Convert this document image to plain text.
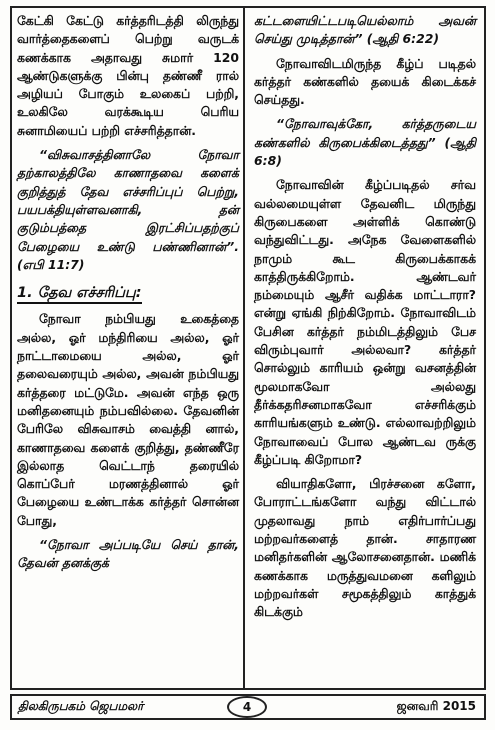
கேட்கி கேட்டு கர்த்தரிடத்தி லிருந்து வார்த்தைகளைப் பெற்று வருடக் கணக்காக அதாவது சுமார் 120 ஆண்டுகளுக்கு பின்பு தண்ணீ ரால் அழியப் போகும் உலகைப் பற்றி, உலகிலே வரக்கூடிய பெரிய சுனாமியைப் பற்றி எச்சரித்தான்.

“விசுவாசத்தினாலே நோவா தற்காலத்திலே காணாதவை களைக் குறித்துத் தேவ எச்சரிப்புப் பெற்று, பயபக்தியுள்ளவனாகி, தன் குடும்பத்தை இரட்சிப்பதற்குப் பேழையை உண்டு பண்ணினான்”. (எபி 11:7)

1. தேவ எச்சரிப்பு:

நோவா நம்பியது உகைத்தை அல்ல, ஓர் மந்திரியை அல்ல, ஓர் நாட்டாமையை அல்ல, ஓர் தலைவரையும் அல்ல, அவன் நம்பியது கர்த்தரை மட்டுமே. அவன் எந்த ஒரு மனிதனையும் நம்பவில்லை. தேவனின் பேரிலே விசுவாசம் வைத்தி னால், காணாதவை களைக் குறித்து, தண்ணீரே இல்லாத வெட்டாந் தரையில் கொப்பேர் மரணத்தினால் ஓர் பேழையை உண்டாக்க கர்த்தர் சொன்ன போது,

“நோவா அப்படியே செய் தான், தேவன் தனக்குக்

கட்டளையிட்டபடியெல்லாம் அவன் செய்து முடித்தான்” (ஆதி 6:22)

நோவாவிடமிருந்த கீழ்ப் படிதல் கர்த்தர் கண்களில் தயைக் கிடைக்கச் செய்தது.

“நோவாவுக்கோ, கர்த்தருடைய கண்களில் கிருபைக்கிடைத்தது” (ஆதி 6:8)

நோவாவின் கீழ்ப்படிதல் சர்வ வல்லமையுள்ள தேவனிட மிருந்து கிருபைகளை அள்ளிக் கொண்டு வந்துவிட்டது. அநேக வேளைகளில் நாமும் கூட கிருபைக்காகக் காத்திருக்கிறோம். ஆண்டவர் நம்மையும் ஆசீர் வதிக்க மாட்டாரா? என்று ஏங்கி நிற்கிறோம். நோவாவிடம் பேசின கர்த்தர் நம்மிடத்திலும் பேச விரும்புவார் அல்லவா? கர்த்தர் சொல்லும் காரியம் ஒன்று வசனத்தின் மூலமாகவோ அல்லது தீர்க்கதரிசனமாகவோ எச்சரிக்கும் காரியங்களும் உண்டு. எல்லாவற்றிலும் நோவாவைப் போல ஆண்டவ ருக்கு கீழ்ப்படி கிறோமா?

வியாதிகளோ, பிரச்சனை களோ, போராட்டங்களோ வந்து விட்டால் முதலாவது நாம் எதிர்பார்ப்பது மற்றவர்களைத் தான். சாதாரண மனிதர்களின் ஆலோசனைதான். மணிக் கணக்காக மருத்துவமனை களிலும் மற்றவர்கள் சமூகத்திலும் காத்துக் கிடக்கும்

திலகிருபகம் ஜெபமலர்	4	ஜனவரி 2015
